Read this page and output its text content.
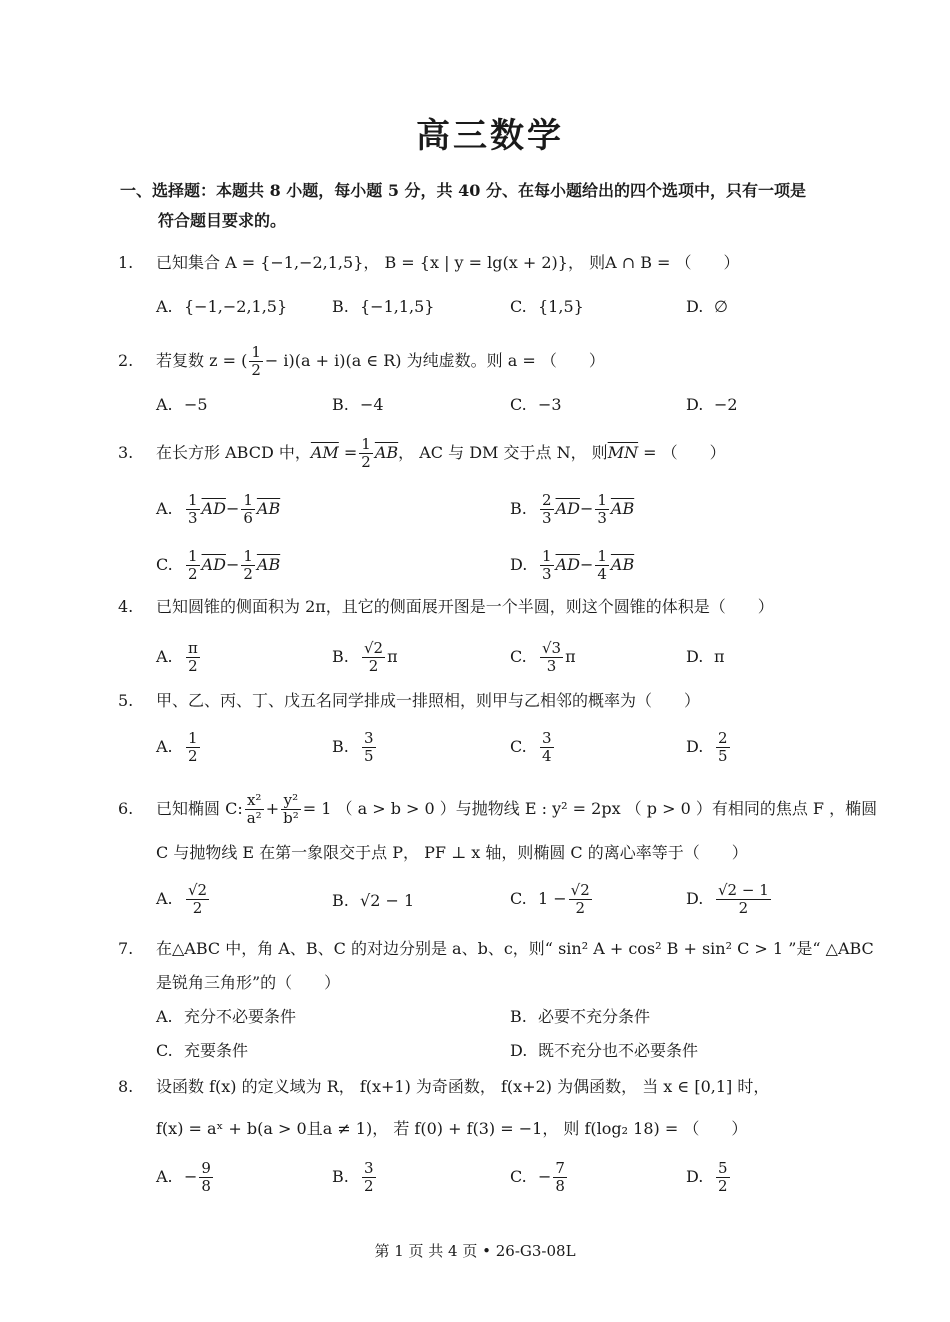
高三数学
一、选择题：本题共 8 小题，每小题 5 分，共 40 分、在每小题给出的四个选项中，只有一项是
符合题目要求的。
1. 已知集合 A = {−1,−2,1,5}， B = {x | y = lg(x + 2)}， 则A ∩ B = （　　）
A. {−1,−2,1,5}	B. {−1,1,5}	C. {1,5}	D. ∅
2. 若复数 z = ( $\frac{1}{2} - i)(a + i)(a$ ∈ R) 为纯虚数。则 a = （　　）
A. −5	B. −4	C. −3	D. −2
3. 在长方形 ABCD 中，$\overline{AM} = \frac{1}{2} \overline{AB}$， AC 与 DM 交于点 N， 则$\overline{MN}$ = （　　）
A. $\frac{1}{3} \overline{AD}- \frac{1}{6} \overline{AB}$	B. $\frac{2}{3} \overline{AD}- \frac{1}{3} \overline{AB}$
C. $\frac{1}{2} \overline{AD}- \frac{1}{2} \overline{AB}$	D. $\frac{1}{3} \overline{AD}- \frac{1}{4} \overline{AB}$
4. 已知圆锥的侧面积为 2π，且它的侧面展开图是一个半圆，则这个圆锥的体积是（　　）
A. $\frac{\pi}{2}$	B. $\frac{√2}{2}$ π	C. $\frac{√3}{3}$ π	D. π
5. 甲、乙、丙、丁、戊五名同学排成一排照相，则甲与乙相邻的概率为（　　）
A. $\frac{1}{2}$	B. $\frac{3}{5}$	C. $\frac{3}{4}$	D. $\frac{2}{5}$
6. 已知椭圆 C: $\frac{\text{x²}}{\text{a²}} + \frac{\text{y²}}{\text{b²}} = 1$ （ a > b > 0 ）与抛物线 E : y² = 2px （ p > 0 ）有相同的焦点 F ，椭圆
C 与抛物线 E 在第一象限交于点 P， PF ⊥ x 轴，则椭圆 C 的离心率等于（　　）
A. $\frac{√2}{2}$	B. √2 − 1	C. $1 - \frac{√2}{2}$	D. $\frac{√2 - 1}{2}$
7. 在△ABC 中，角 A、B、C 的对边分别是 a、b、c，则“ sin² A + cos² B + sin² C > 1 ”是“ △ABC
是锐角三角形”的（　　）
A. 充分不必要条件	B. 必要不充分条件
C. 充要条件	D. 既不充分也不必要条件
8. 设函数 f(x) 的定义域为 R， f(x+1) 为奇函数， f(x+2) 为偶函数， 当 x ∈ [0,1] 时，
f(x) = aˣ + b(a > 0且a ≠ 1)， 若 f(0) + f(3) = −1， 则 f(log₂ 18) = （　　）
A. − $\frac{9}{8}$	B. $\frac{3}{2}$	C. − $\frac{7}{8}$	D. $\frac{5}{2}$
第 1 页 共 4 页 • 26-G3-08L
